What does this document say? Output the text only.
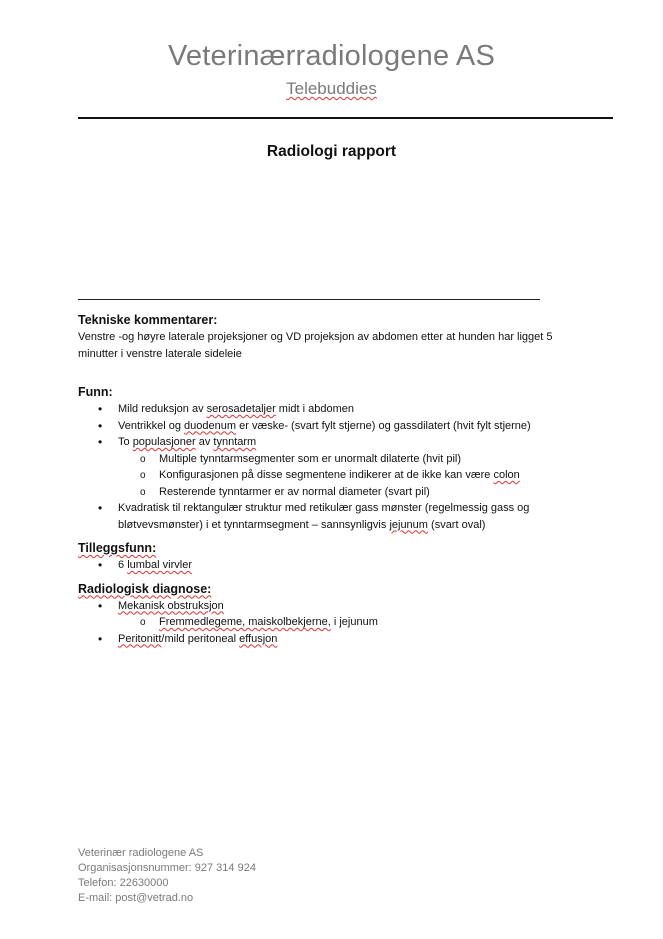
Veterinærradiologene AS
Telebuddies
Radiologi rapport

Tekniske kommentarer:

Venstre -og høyre laterale projeksjoner og VD projeksjon av abdomen etter at hunden har ligget 5 minutter i venstre laterale sideleie

Funn:

•
Mild reduksjon av serosadetaljer midt i abdomen
•
Ventrikkel og duodenum er væske- (svart fylt stjerne) og gassdilatert (hvit fylt stjerne)
•
To populasjoner av tynntarm
o
Multiple tynntarmsegmenter som er unormalt dilaterte (hvit pil)
o
Konfigurasjonen på disse segmentene indikerer at de ikke kan være colon
o
Resterende tynntarmer er av normal diameter (svart pil)
•
Kvadratisk til rektangulær struktur med retikulær gass mønster (regelmessig gass og bløtvevsmønster) i et tynntarmsegment – sannsynligvis jejunum (svart oval)

Tilleggsfunn:

•
6 lumbal virvler

Radiologisk diagnose:

•
Mekanisk obstruksjon
o
Fremmedlegeme, maiskolbekjerne, i jejunum
•
Peritonitt/mild peritoneal effusjon
Veterinær radiologene AS
Organisasjonsnummer: 927 314 924
Telefon: 22630000
E-mail: post@vetrad.no
